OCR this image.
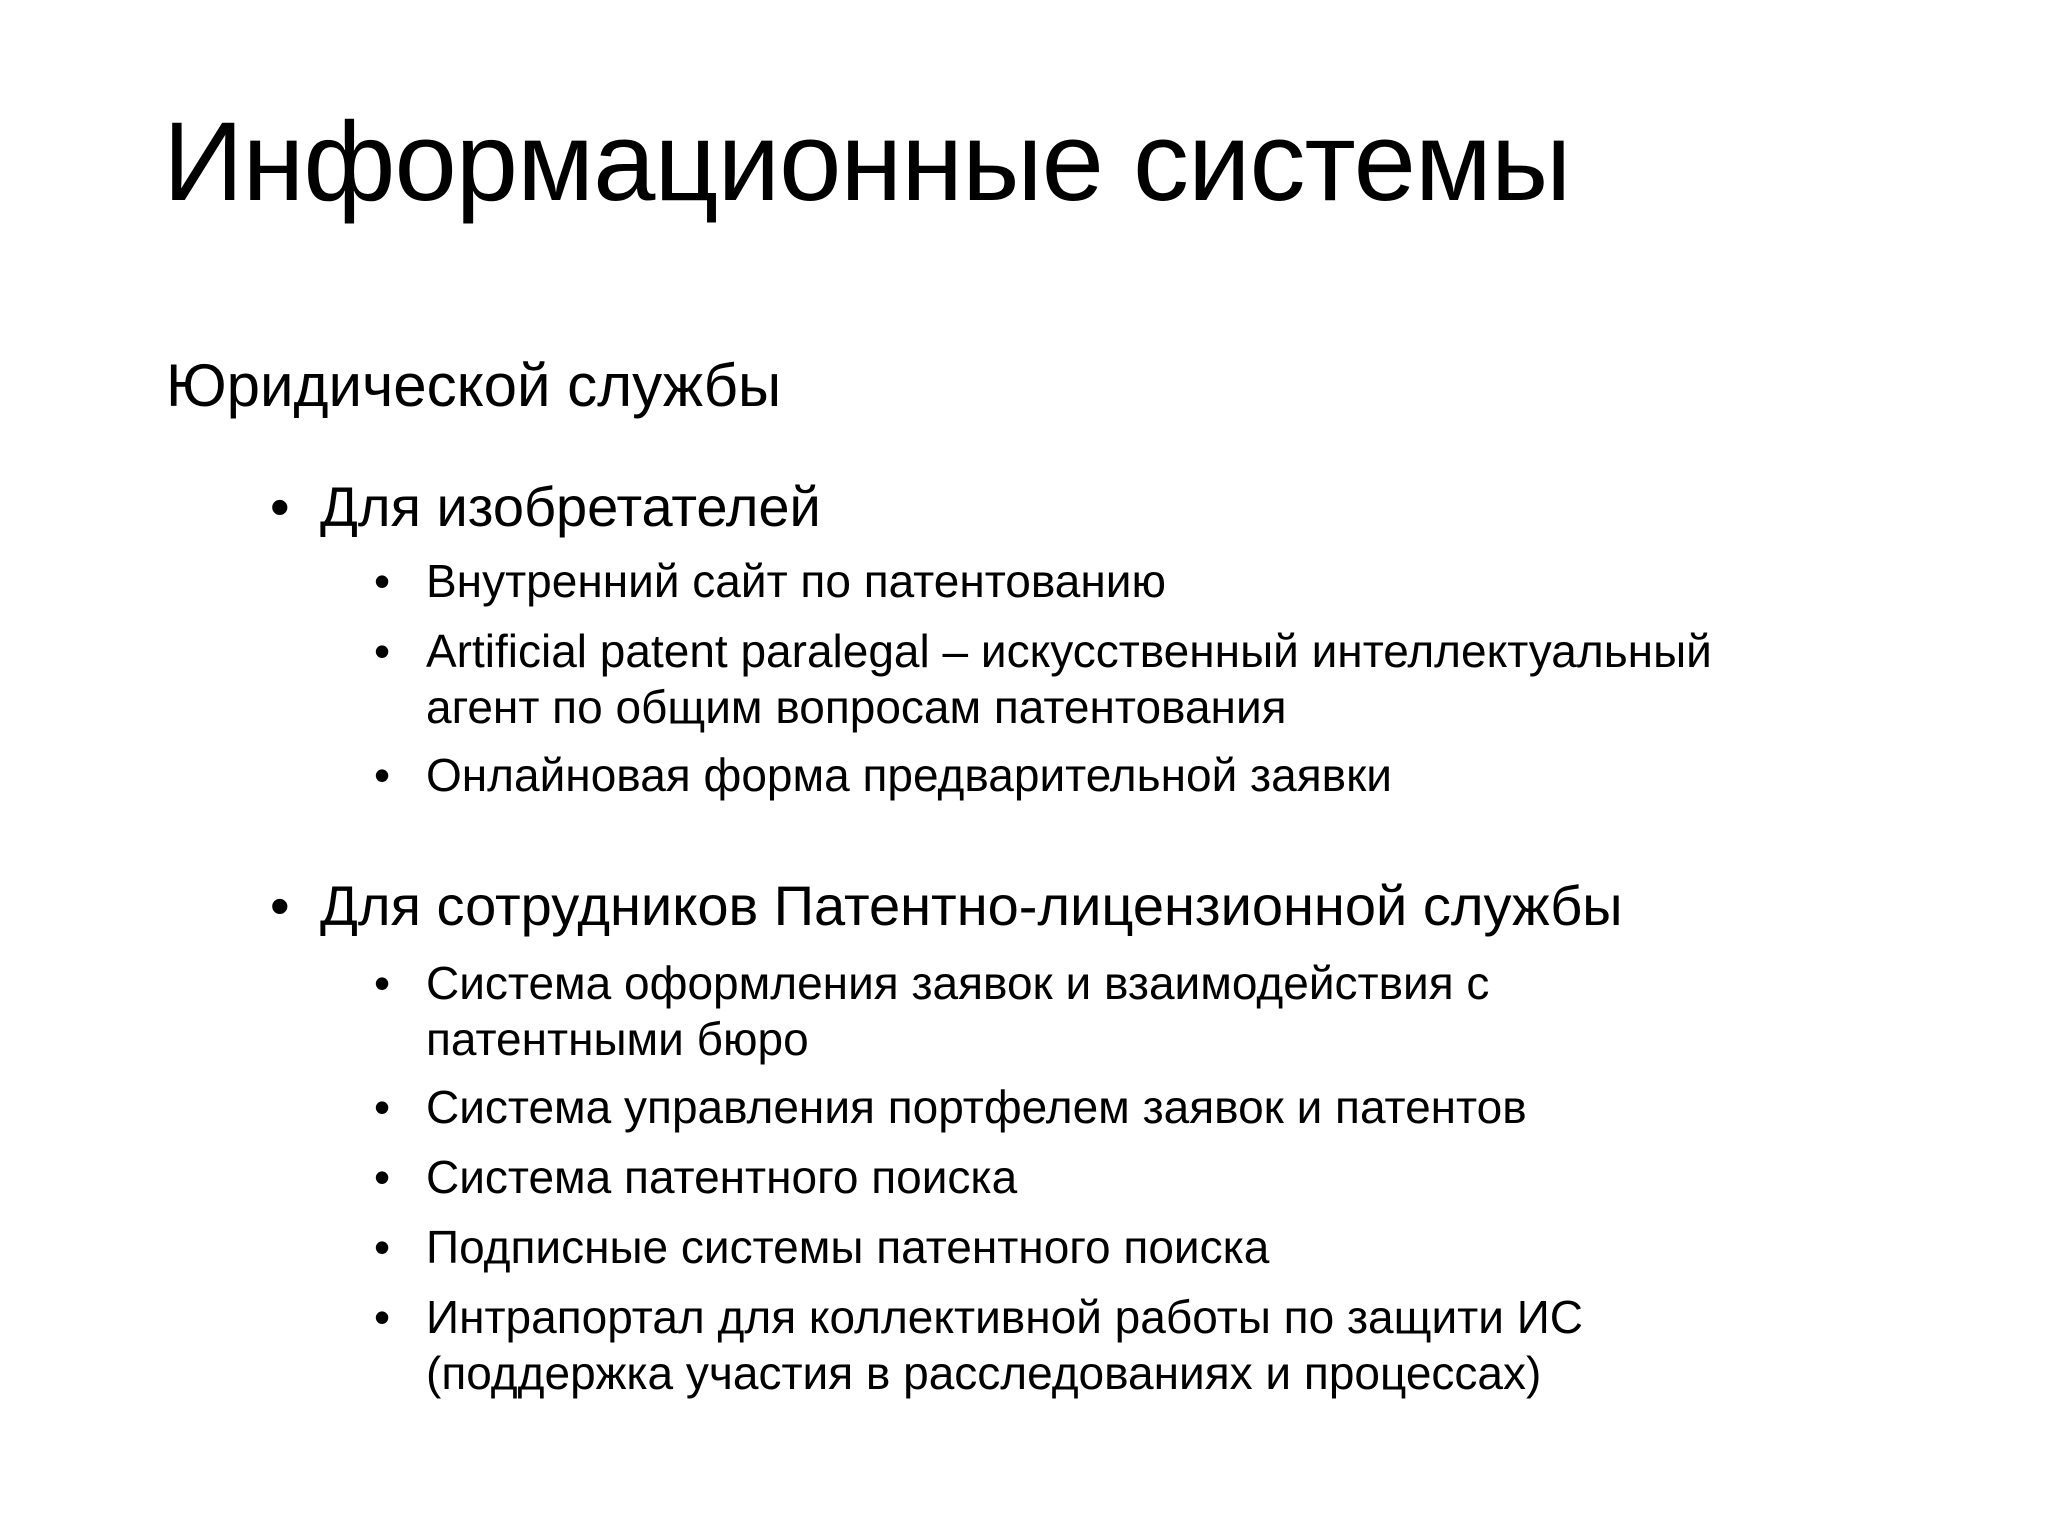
Информационные системы
Юридической службы
• Для изобретателей
• Внутренний сайт по патентованию
• Artificial patent paralegal – искусственный интеллектуальный
агент по общим вопросам патентования
• Онлайновая форма предварительной заявки
• Для сотрудников Патентно-лицензионной службы
• Система оформления заявок и взаимодействия с
патентными бюро
• Система управления портфелем заявок и патентов
• Система патентного поиска
• Подписные системы патентного поиска
• Интрапортал для коллективной работы по защити ИС
(поддержка участия в расследованиях и процессах)
